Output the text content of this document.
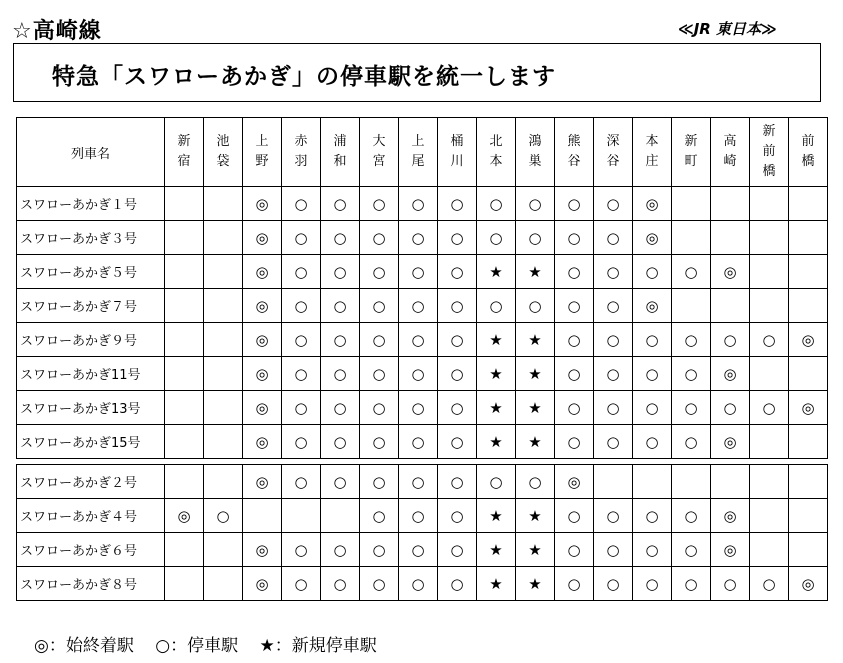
☆高崎線	≪JR 東日本≫
特急「スワローあかぎ」の停車駅を統一します
列車名	新宿	池袋	上野	赤羽	浦和	大宮	上尾	桶川	北本	鴻巣	熊谷	深谷	本庄	新町	高崎	新前橋	前橋
スワローあかぎ１号			◎	○	○	○	○	○	○	○	○	○	◎				
スワローあかぎ３号			◎	○	○	○	○	○	○	○	○	○	◎				
スワローあかぎ５号			◎	○	○	○	○	○	★	★	○	○	○	○	◎		
スワローあかぎ７号			◎	○	○	○	○	○	○	○	○	○	◎				
スワローあかぎ９号			◎	○	○	○	○	○	★	★	○	○	○	○	○	○	◎
スワローあかぎ11号			◎	○	○	○	○	○	★	★	○	○	○	○	◎		
スワローあかぎ13号			◎	○	○	○	○	○	★	★	○	○	○	○	○	○	◎
スワローあかぎ15号			◎	○	○	○	○	○	★	★	○	○	○	○	◎		

スワローあかぎ２号			◎	○	○	○	○	○	○	○	◎						
スワローあかぎ４号	◎	○				○	○	○	★	★	○	○	○	○	◎		
スワローあかぎ６号			◎	○	○	○	○	○	★	★	○	○	○	○	◎		
スワローあかぎ８号			◎	○	○	○	○	○	★	★	○	○	○	○	○	○	◎
◎：始終着駅 ○：停車駅 ★：新規停車駅
